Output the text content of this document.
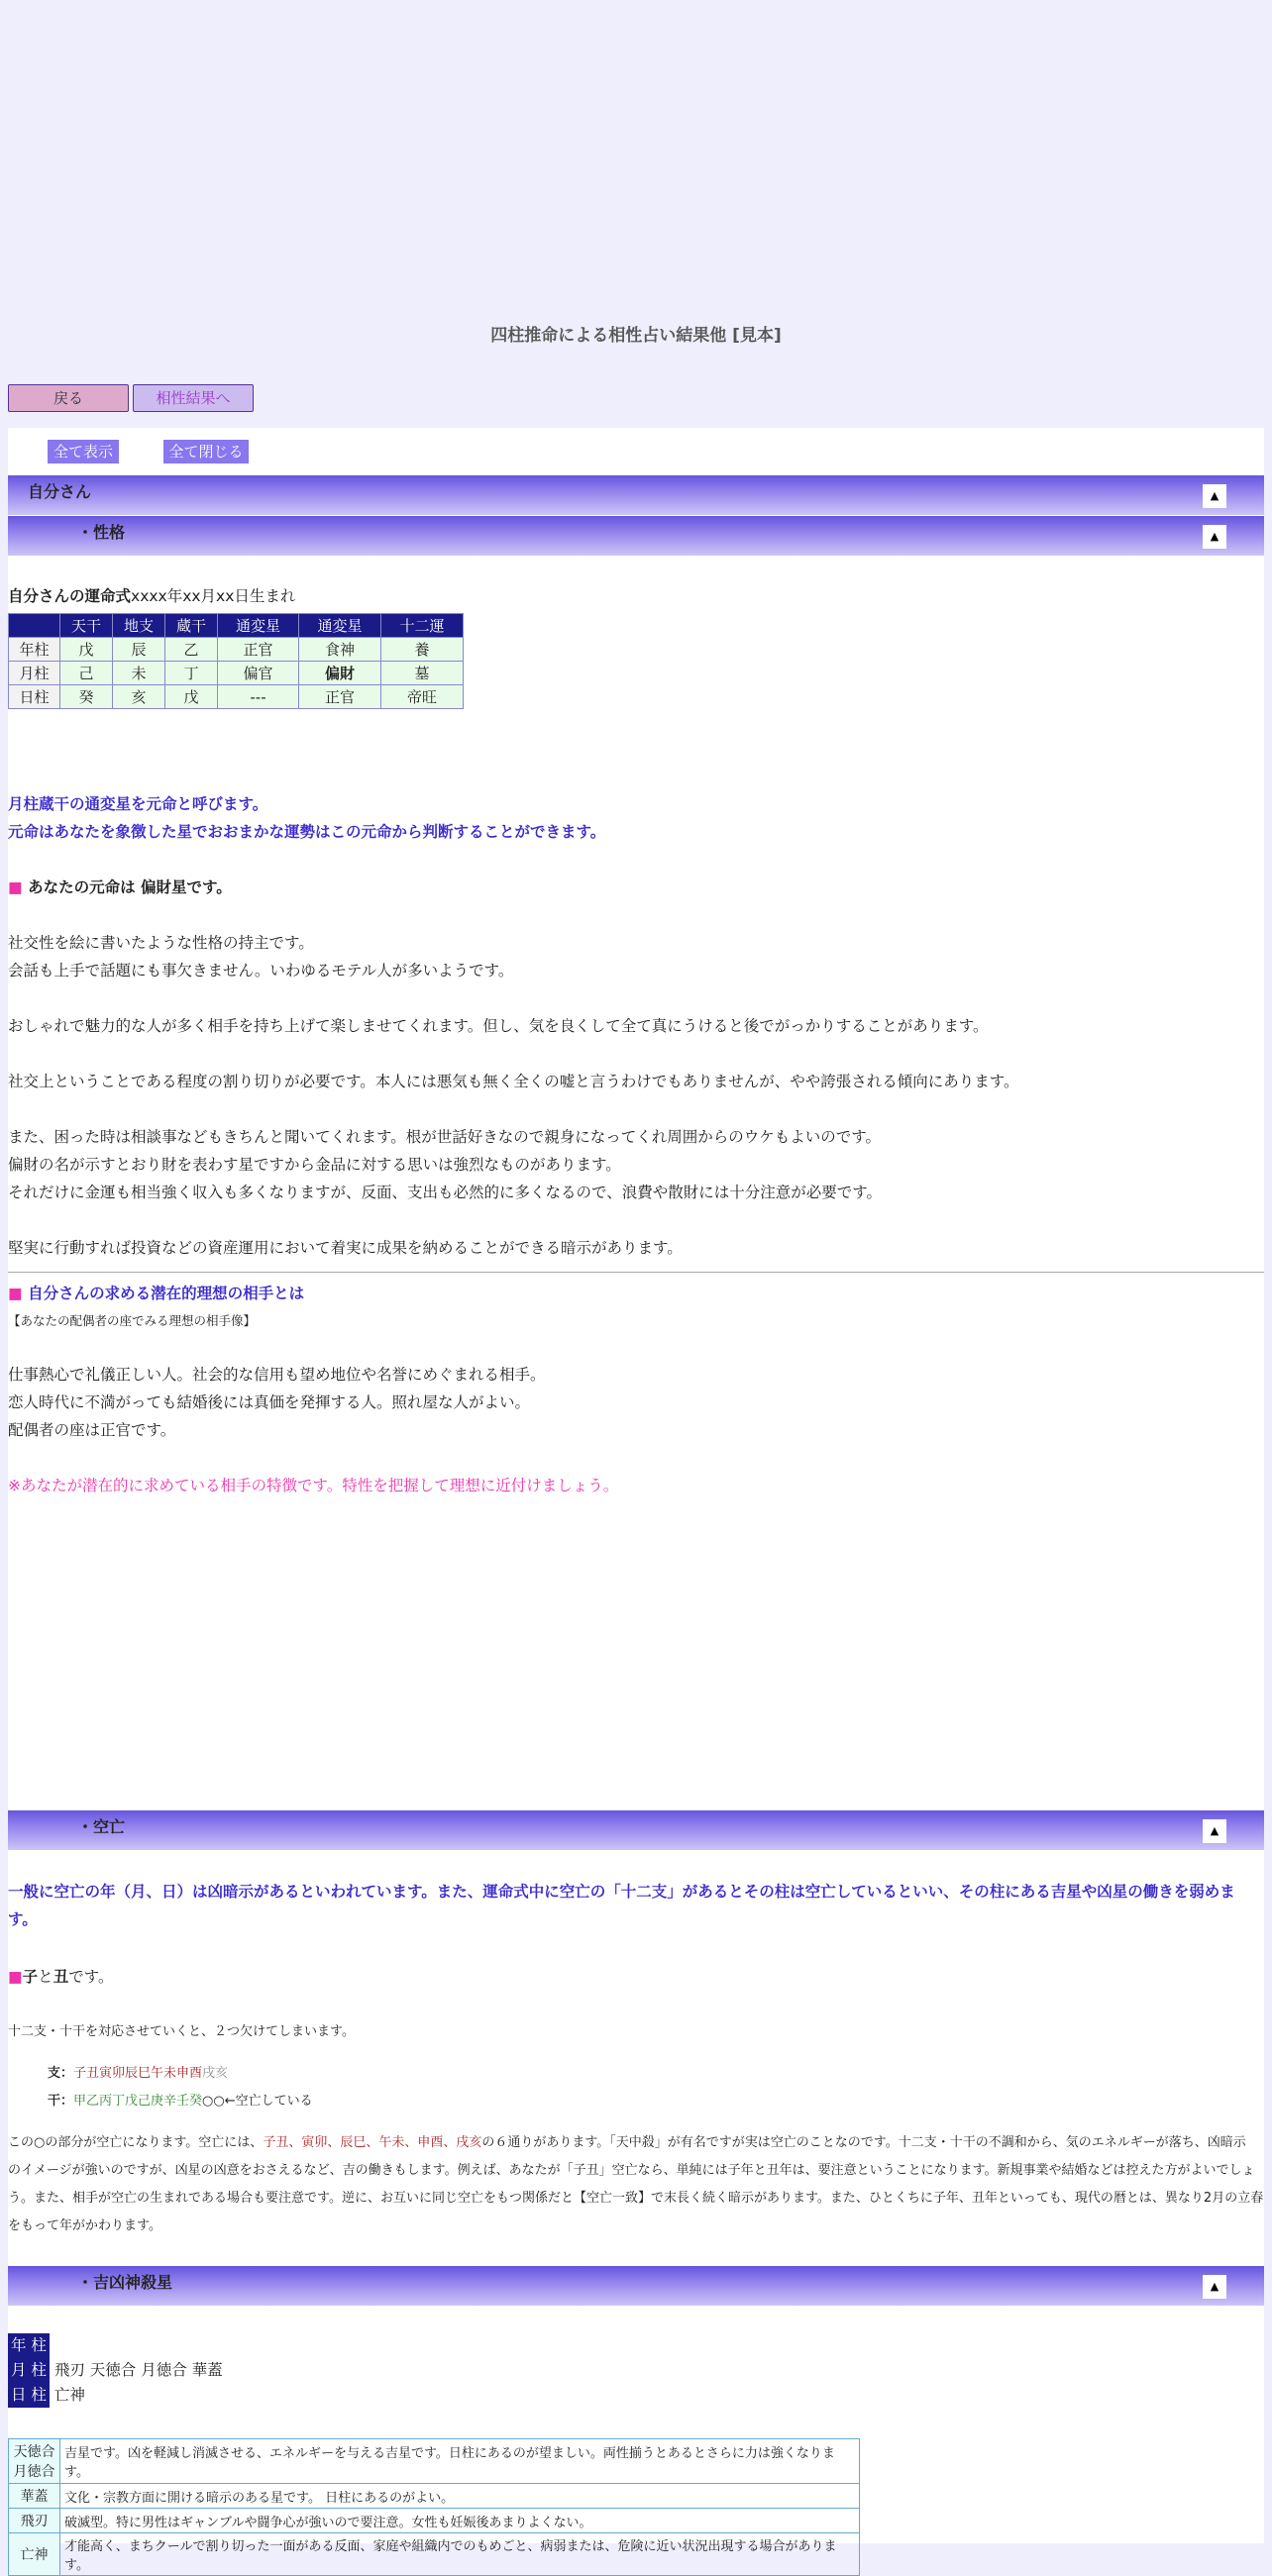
四柱推命による相性占い結果他 [見本]
戻る	相性結果へ
全て表示	全て閉じる
自分さん	▲
・性格	▲
自分さんの運命式xxxx年xx月xx日生まれ
	天干	地支	蔵干	通変星	通変星	十二運
年柱	戊	辰	乙	正官	食神	養
月柱	己	未	丁	偏官	偏財	墓
日柱	癸	亥	戊	---	正官	帝旺
月柱蔵干の通変星を元命と呼びます。
元命はあなたを象徴した星でおおまかな運勢はこの元命から判断することができます。
■ あなたの元命は 偏財星です。
社交性を絵に書いたような性格の持主です。
会話も上手で話題にも事欠きません。いわゆるモテル人が多いようです。
おしゃれで魅力的な人が多く相手を持ち上げて楽しませてくれます。但し、気を良くして全て真にうけると後でがっかりすることがあります。
社交上ということである程度の割り切りが必要です。本人には悪気も無く全くの嘘と言うわけでもありませんが、やや誇張される傾向にあります。
また、困った時は相談事などもきちんと聞いてくれます。根が世話好きなので親身になってくれ周囲からのウケもよいのです。
偏財の名が示すとおり財を表わす星ですから金品に対する思いは強烈なものがあります。
それだけに金運も相当強く収入も多くなりますが、反面、支出も必然的に多くなるので、浪費や散財には十分注意が必要です。
堅実に行動すれば投資などの資産運用において着実に成果を納めることができる暗示があります。
■ 自分さんの求める潜在的理想の相手とは
【あなたの配偶者の座でみる理想の相手像】
仕事熱心で礼儀正しい人。社会的な信用も望め地位や名誉にめぐまれる相手。
恋人時代に不満がっても結婚後には真価を発揮する人。照れ屋な人がよい。
配偶者の座は正官です。
※あなたが潜在的に求めている相手の特徴です。特性を把握して理想に近付けましょう。
・空亡	▲
一般に空亡の年（月、日）は凶暗示があるといわれています。また、運命式中に空亡の「十二支」があるとその柱は空亡しているといい、その柱にある吉星や凶星の働きを弱めます。
■子と丑です。
十二支・十干を対応させていくと、２つ欠けてしまいます。
支：子丑寅卯辰巳午未申酉戌亥
干：甲乙丙丁戊己庚辛壬癸○○←空亡している
この○の部分が空亡になります。空亡には、子丑、寅卯、辰巳、午未、申酉、戌亥の６通りがあります。「天中殺」が有名ですが実は空亡のことなのです。十二支・十干の不調和から、気のエネルギーが落ち、凶暗示
のイメージが強いのですが、凶星の凶意をおさえるなど、吉の働きもします。例えば、あなたが「子丑」空亡なら、単純には子年と丑年は、要注意ということになります。新規事業や結婚などは控えた方がよいでしょ
う。また、相手が空亡の生まれである場合も要注意です。逆に、お互いに同じ空亡をもつ関係だと【空亡一致】で末長く続く暗示があります。また、ひとくちに子年、丑年といっても、現代の暦とは、異なり2月の立春
をもって年がかわります。
・吉凶神殺星	▲
年 柱
月 柱 飛刃 天徳合 月徳合 華蓋
日 柱 亡神
天徳合
月徳合	吉星です。凶を軽減し消滅させる、エネルギーを与える吉星です。日柱にあるのが望ましい。両性揃うとあるとさらに力は強くなります。
華蓋	文化・宗教方面に開ける暗示のある星です。 日柱にあるのがよい。
飛刃	破滅型。特に男性はギャンブルや闘争心が強いので要注意。女性も妊娠後あまりよくない。
亡神	才能高く、まちクールで割り切った一面がある反面、家庭や組織内でのもめごと、病弱または、危険に近い状況出現する場合があります。
